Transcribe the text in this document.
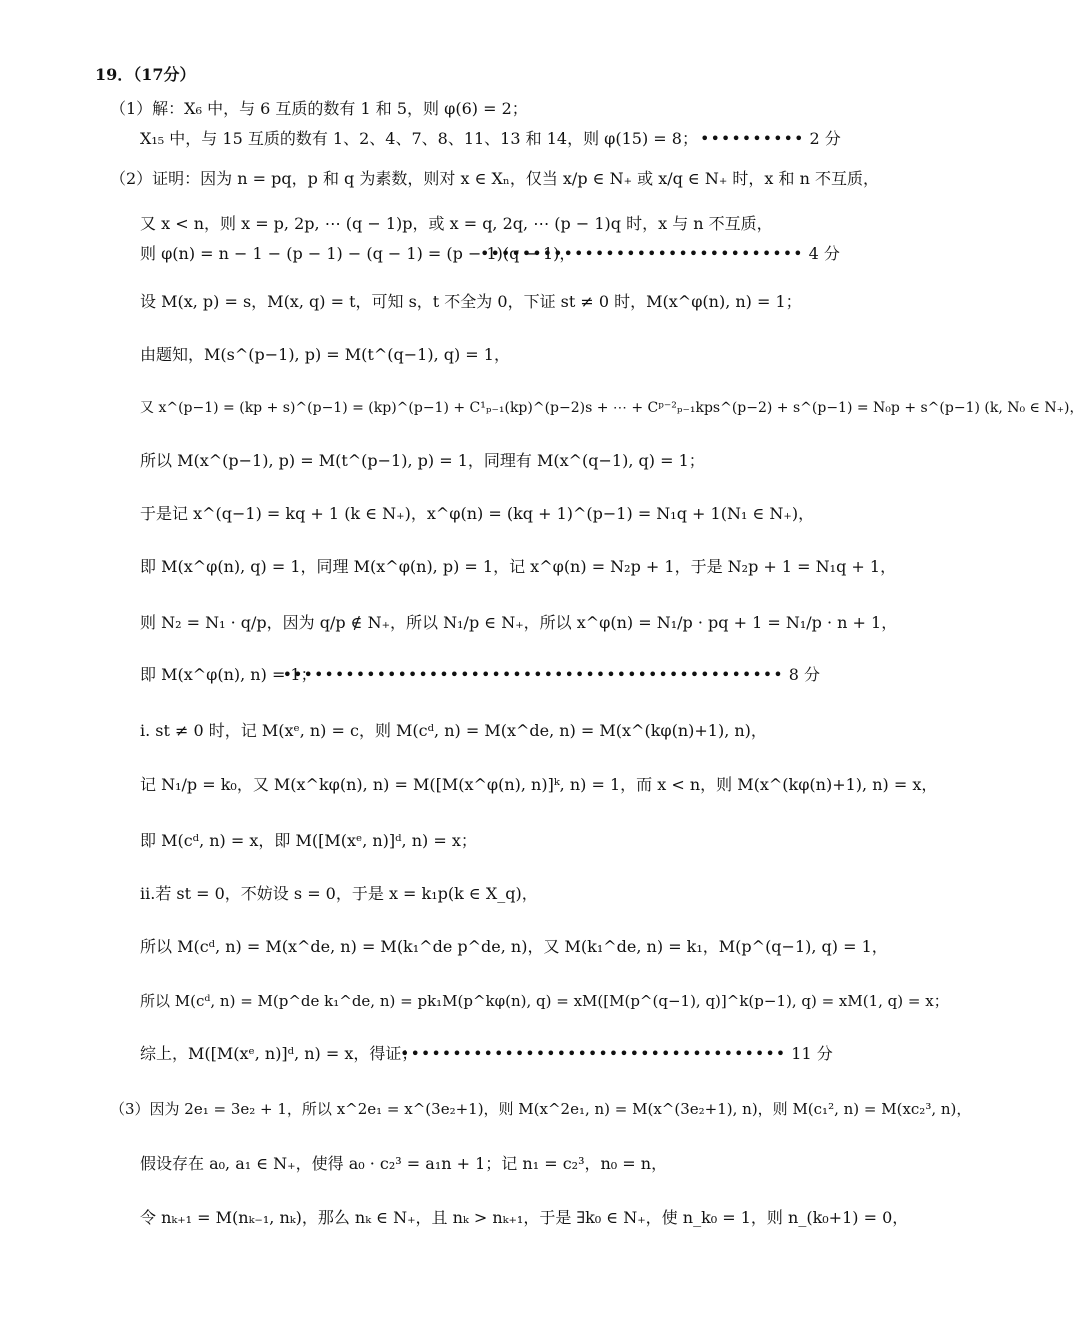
19．（17分）
（1）解：X₆ 中，与 6 互质的数有 1 和 5，则 φ(6) = 2；
X₁₅ 中，与 15 互质的数有 1、2、4、7、8、11、13 和 14，则 φ(15) = 8； •••••••••• 2 分
（2）证明：因为 n = pq，p 和 q 为素数，则对 x ∈ Xₙ，仅当 x/p ∈ N₊ 或 x/q ∈ N₊ 时，x 和 n 不互质，
又 x < n，则 x = p, 2p, ⋯ (q − 1)p，或 x = q, 2q, ⋯ (p − 1)q 时，x 与 n 不互质，
则 φ(n) = n − 1 − (p − 1) − (q − 1) = (p − 1)(q − 1)，
••••••••••••••••••••••••••••••• 4 分
设 M(x, p) = s，M(x, q) = t，可知 s，t 不全为 0，下证 st ≠ 0 时，M(x^φ(n), n) = 1；
由题知，M(s^(p−1), p) = M(t^(q−1), q) = 1，
又 x^(p−1) = (kp + s)^(p−1) = (kp)^(p−1) + C¹ₚ₋₁(kp)^(p−2)s + ⋯ + Cᵖ⁻²ₚ₋₁kps^(p−2) + s^(p−1) = N₀p + s^(p−1) (k, N₀ ∈ N₊)，
所以 M(x^(p−1), p) = M(t^(p−1), p) = 1，同理有 M(x^(q−1), q) = 1；
于是记 x^(q−1) = kq + 1 (k ∈ N₊)，x^φ(n) = (kq + 1)^(p−1) = N₁q + 1(N₁ ∈ N₊)，
即 M(x^φ(n), q) = 1，同理 M(x^φ(n), p) = 1，记 x^φ(n) = N₂p + 1，于是 N₂p + 1 = N₁q + 1，
则 N₂ = N₁ · q/p，因为 q/p ∉ N₊，所以 N₁/p ∈ N₊，所以 x^φ(n) = N₁/p · pq + 1 = N₁/p · n + 1，
即 M(x^φ(n), n) = 1；
•••••••••••••••••••••••••••••••••••••••••••••••• 8 分
i. st ≠ 0 时，记 M(xᵉ, n) = c，则 M(cᵈ, n) = M(x^de, n) = M(x^(kφ(n)+1), n)，
记 N₁/p = k₀，又 M(x^kφ(n), n) = M([M(x^φ(n), n)]ᵏ, n) = 1，而 x < n，则 M(x^(kφ(n)+1), n) = x，
即 M(cᵈ, n) = x，即 M([M(xᵉ, n)]ᵈ, n) = x；
ii.若 st = 0，不妨设 s = 0，于是 x = k₁p(k ∈ X_q)，
所以 M(cᵈ, n) = M(x^de, n) = M(k₁^de p^de, n)，又 M(k₁^de, n) = k₁，M(p^(q−1), q) = 1，
所以 M(cᵈ, n) = M(p^de k₁^de, n) = pk₁M(p^kφ(n), q) = xM([M(p^(q−1), q)]^k(p−1), q) = xM(1, q) = x；
综上，M([M(xᵉ, n)]ᵈ, n) = x，得证；
••••••••••••••••••••••••••••••••••••• 11 分
（3）因为 2e₁ = 3e₂ + 1，所以 x^2e₁ = x^(3e₂+1)，则 M(x^2e₁, n) = M(x^(3e₂+1), n)，则 M(c₁², n) = M(xc₂³, n)，
假设存在 a₀, a₁ ∈ N₊，使得 a₀ · c₂³ = a₁n + 1；记 n₁ = c₂³，n₀ = n，
令 nₖ₊₁ = M(nₖ₋₁, nₖ)，那么 nₖ ∈ N₊，且 nₖ > nₖ₊₁，于是 ∃k₀ ∈ N₊，使 n_k₀ = 1，则 n_(k₀+1) = 0，
